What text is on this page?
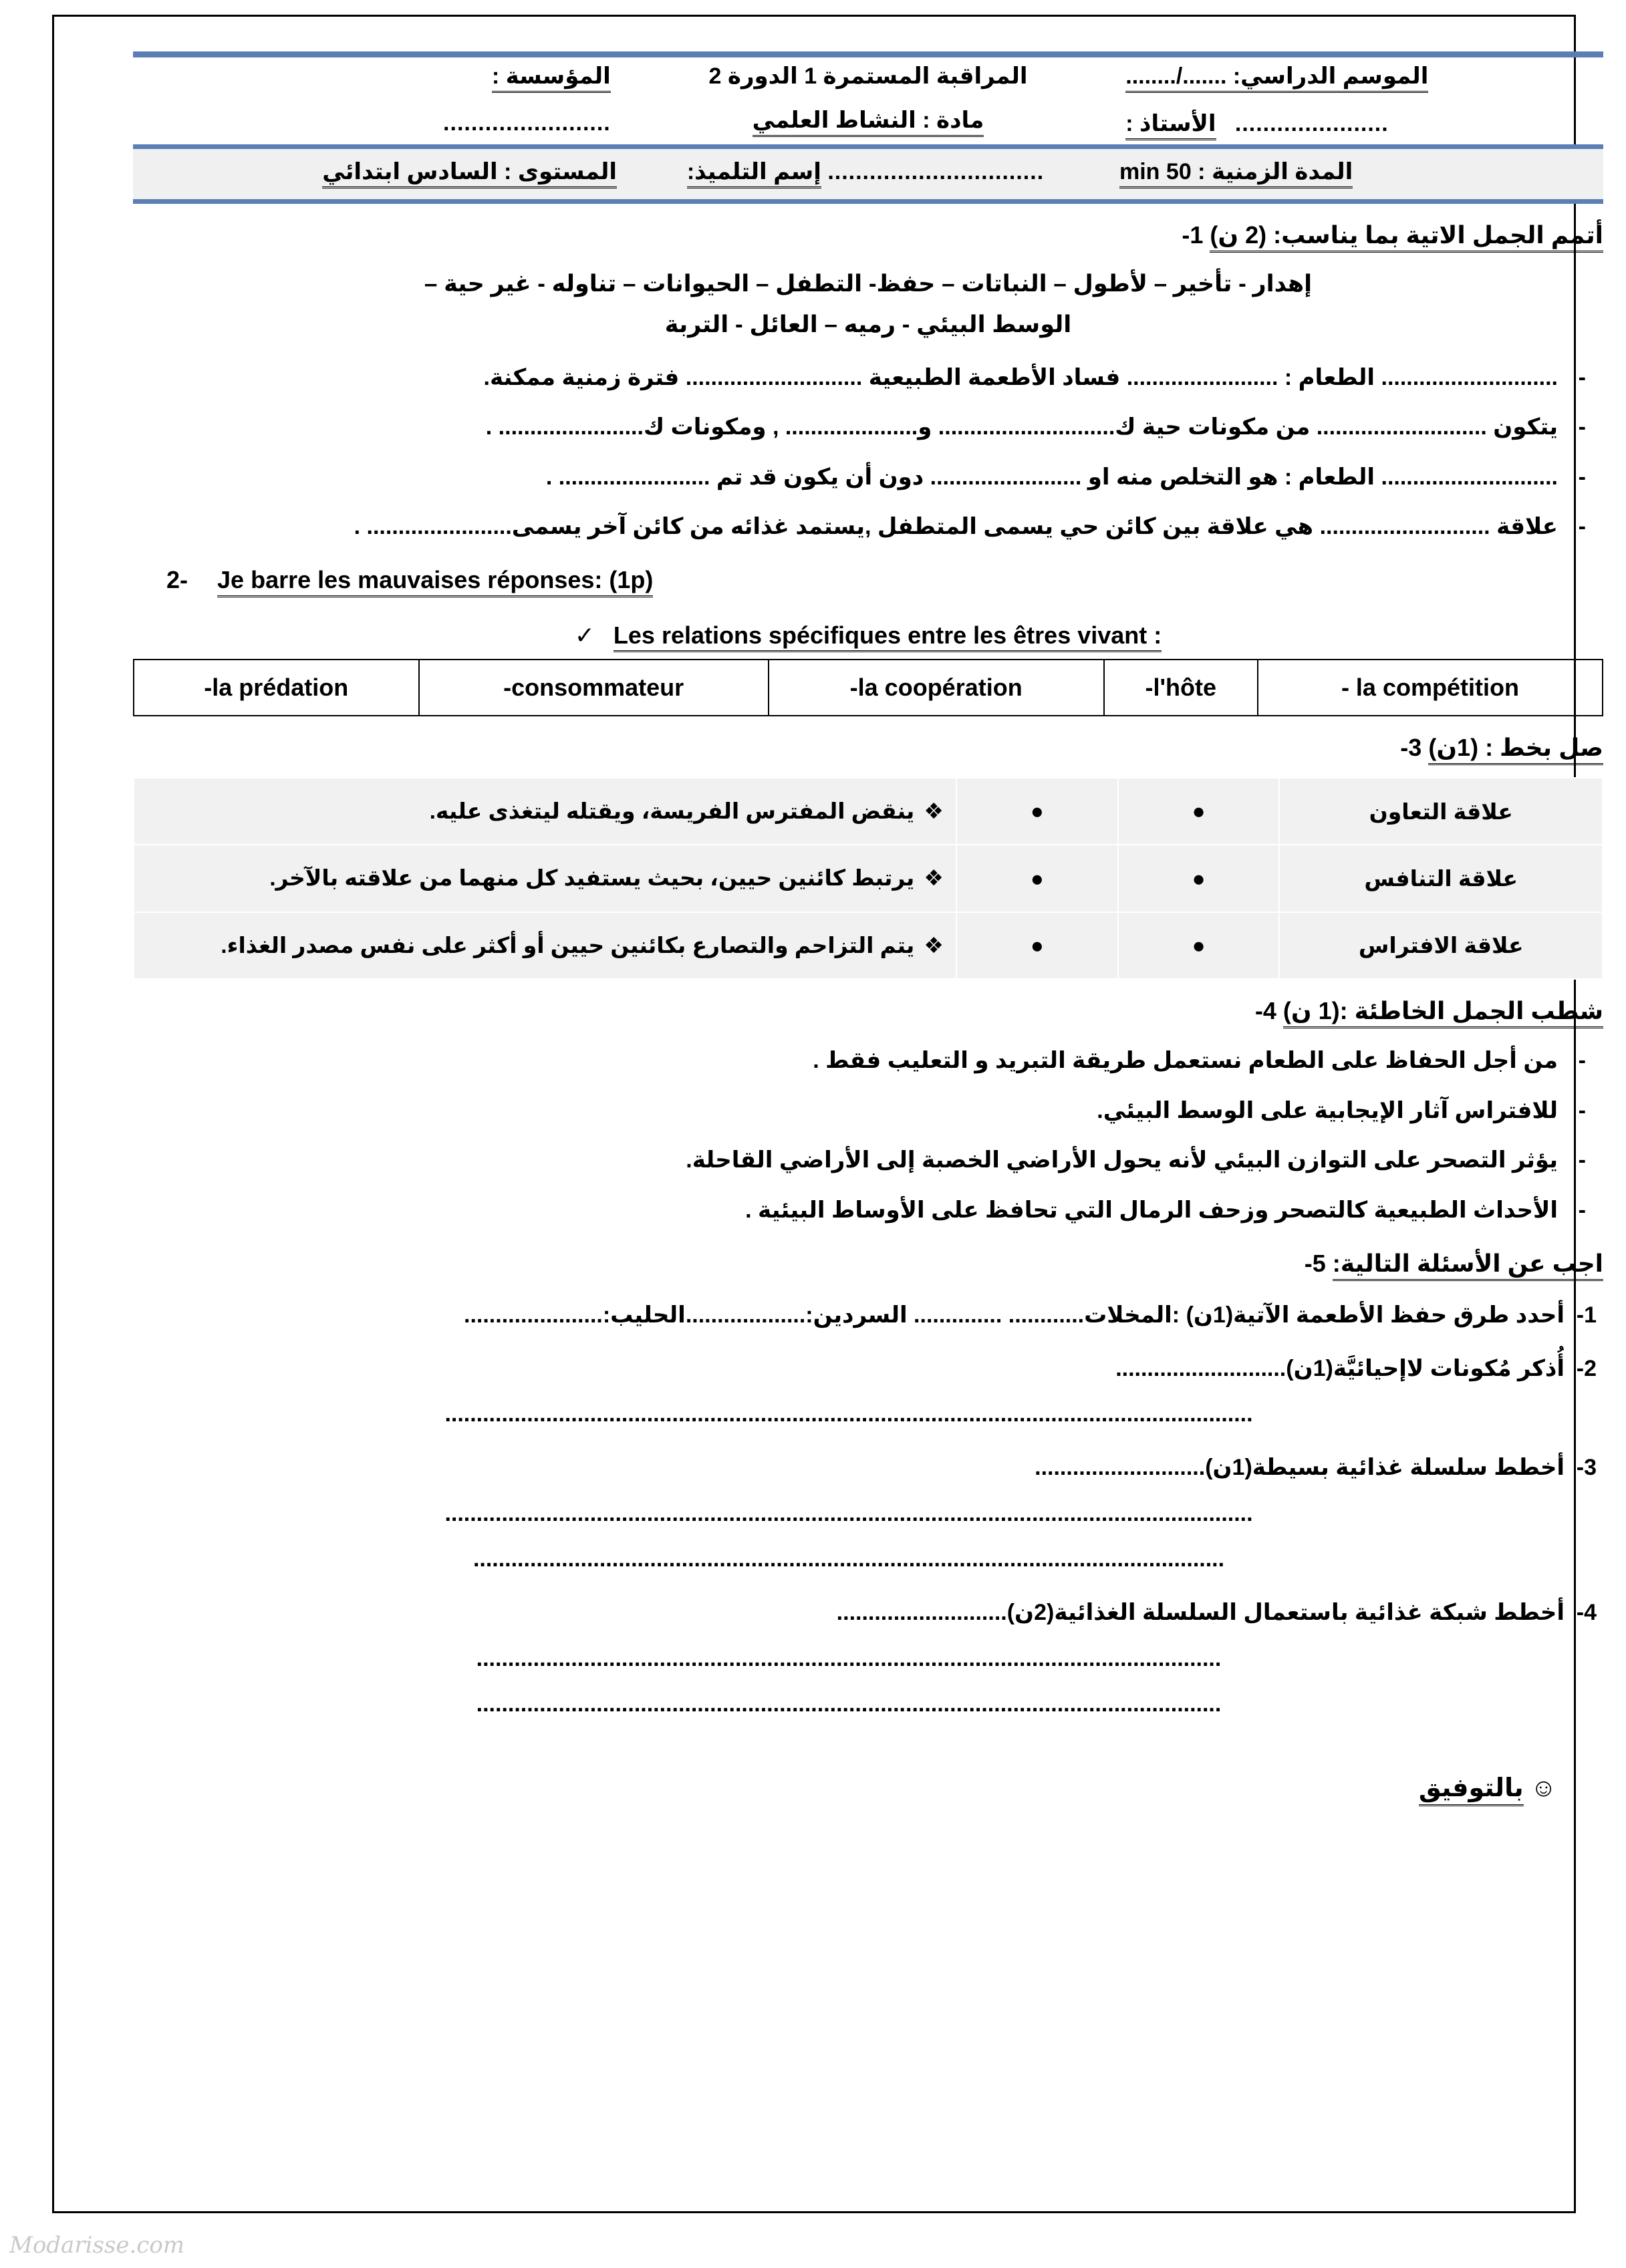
الموسم الدراسي: ......./........
......................   الأستاذ :
المراقبة المستمرة 1 الدورة 2
مادة : النشاط العلمي
المؤسسة :
........................
المدة الزمنية : 50 min
............................... إسم التلميذ:
المستوى : السادس ابتدائي
أتمم الجمل الاتية بما يناسب: (2 ن) 1-
إهدار - تأخير – لأطول – النباتات – حفظ- التطفل – الحيوانات – تناوله - غير حية –
الوسط البيئي - رميه – العائل - التربة
- ............................ الطعام : ........................ فساد الأطعمة الطبيعية ............................ فترة زمنية ممكنة.
- يتكون ........................... من مكونات حية ك............................ و..................... , ومكونات ك....................... .
- ............................ الطعام : هو التخلص منه او ........................ دون أن يكون قد تم ........................ .
- علاقة ........................... هي علاقة بين كائن حي يسمى المتطفل ,يستمد غذائه من كائن آخر يسمى....................... .
2- Je barre les mauvaises réponses: (1p)
✓ Les relations spécifiques entre les êtres vivant :
-la prédation	-consommateur	-la coopération	-l'hôte	- la compétition
صل بخط : (1ن) 3-
علاقة التعاون	●	●	❖ينقض المفترس الفريسة، ويقتله ليتغذى عليه.
علاقة التنافس	●	●	❖يرتبط كائنين حيين، بحيث يستفيد كل منهما من علاقته بالآخر.
علاقة الافتراس	●	●	❖يتم التزاحم والتصارع بكائنين حيين أو أكثر على نفس مصدر الغذاء.
شطب الجمل الخاطئة :(1 ن) 4-
- من أجل الحفاظ على الطعام نستعمل طريقة التبريد و التعليب فقط .
- للافتراس آثار الإيجابية على الوسط البيئي.
- يؤثر التصحر على التوازن البيئي لأنه يحول الأراضي الخصبة إلى الأراضي القاحلة.
- الأحداث الطبيعية كالتصحر وزحف الرمال التي تحافظ على الأوساط البيئية .
اجب عن الأسئلة التالية: 5-
1-
أحدد طرق حفظ الأطعمة الآتية(1ن) :المخلات............ .............. السردين:...................الحليب:......................
2-
أُذكر مُكونات لاإحيائيَّة(1ن)...........................
................................................................................................................................
3-
أخطط سلسلة غذائية بسيطة(1ن)...........................
................................................................................................................................
.......................................................................................................................
4-
أخطط شبكة غذائية باستعمال السلسلة الغذائية(2ن)...........................
......................................................................................................................
......................................................................................................................
☺ بالتوفيق
Modarisse.com
